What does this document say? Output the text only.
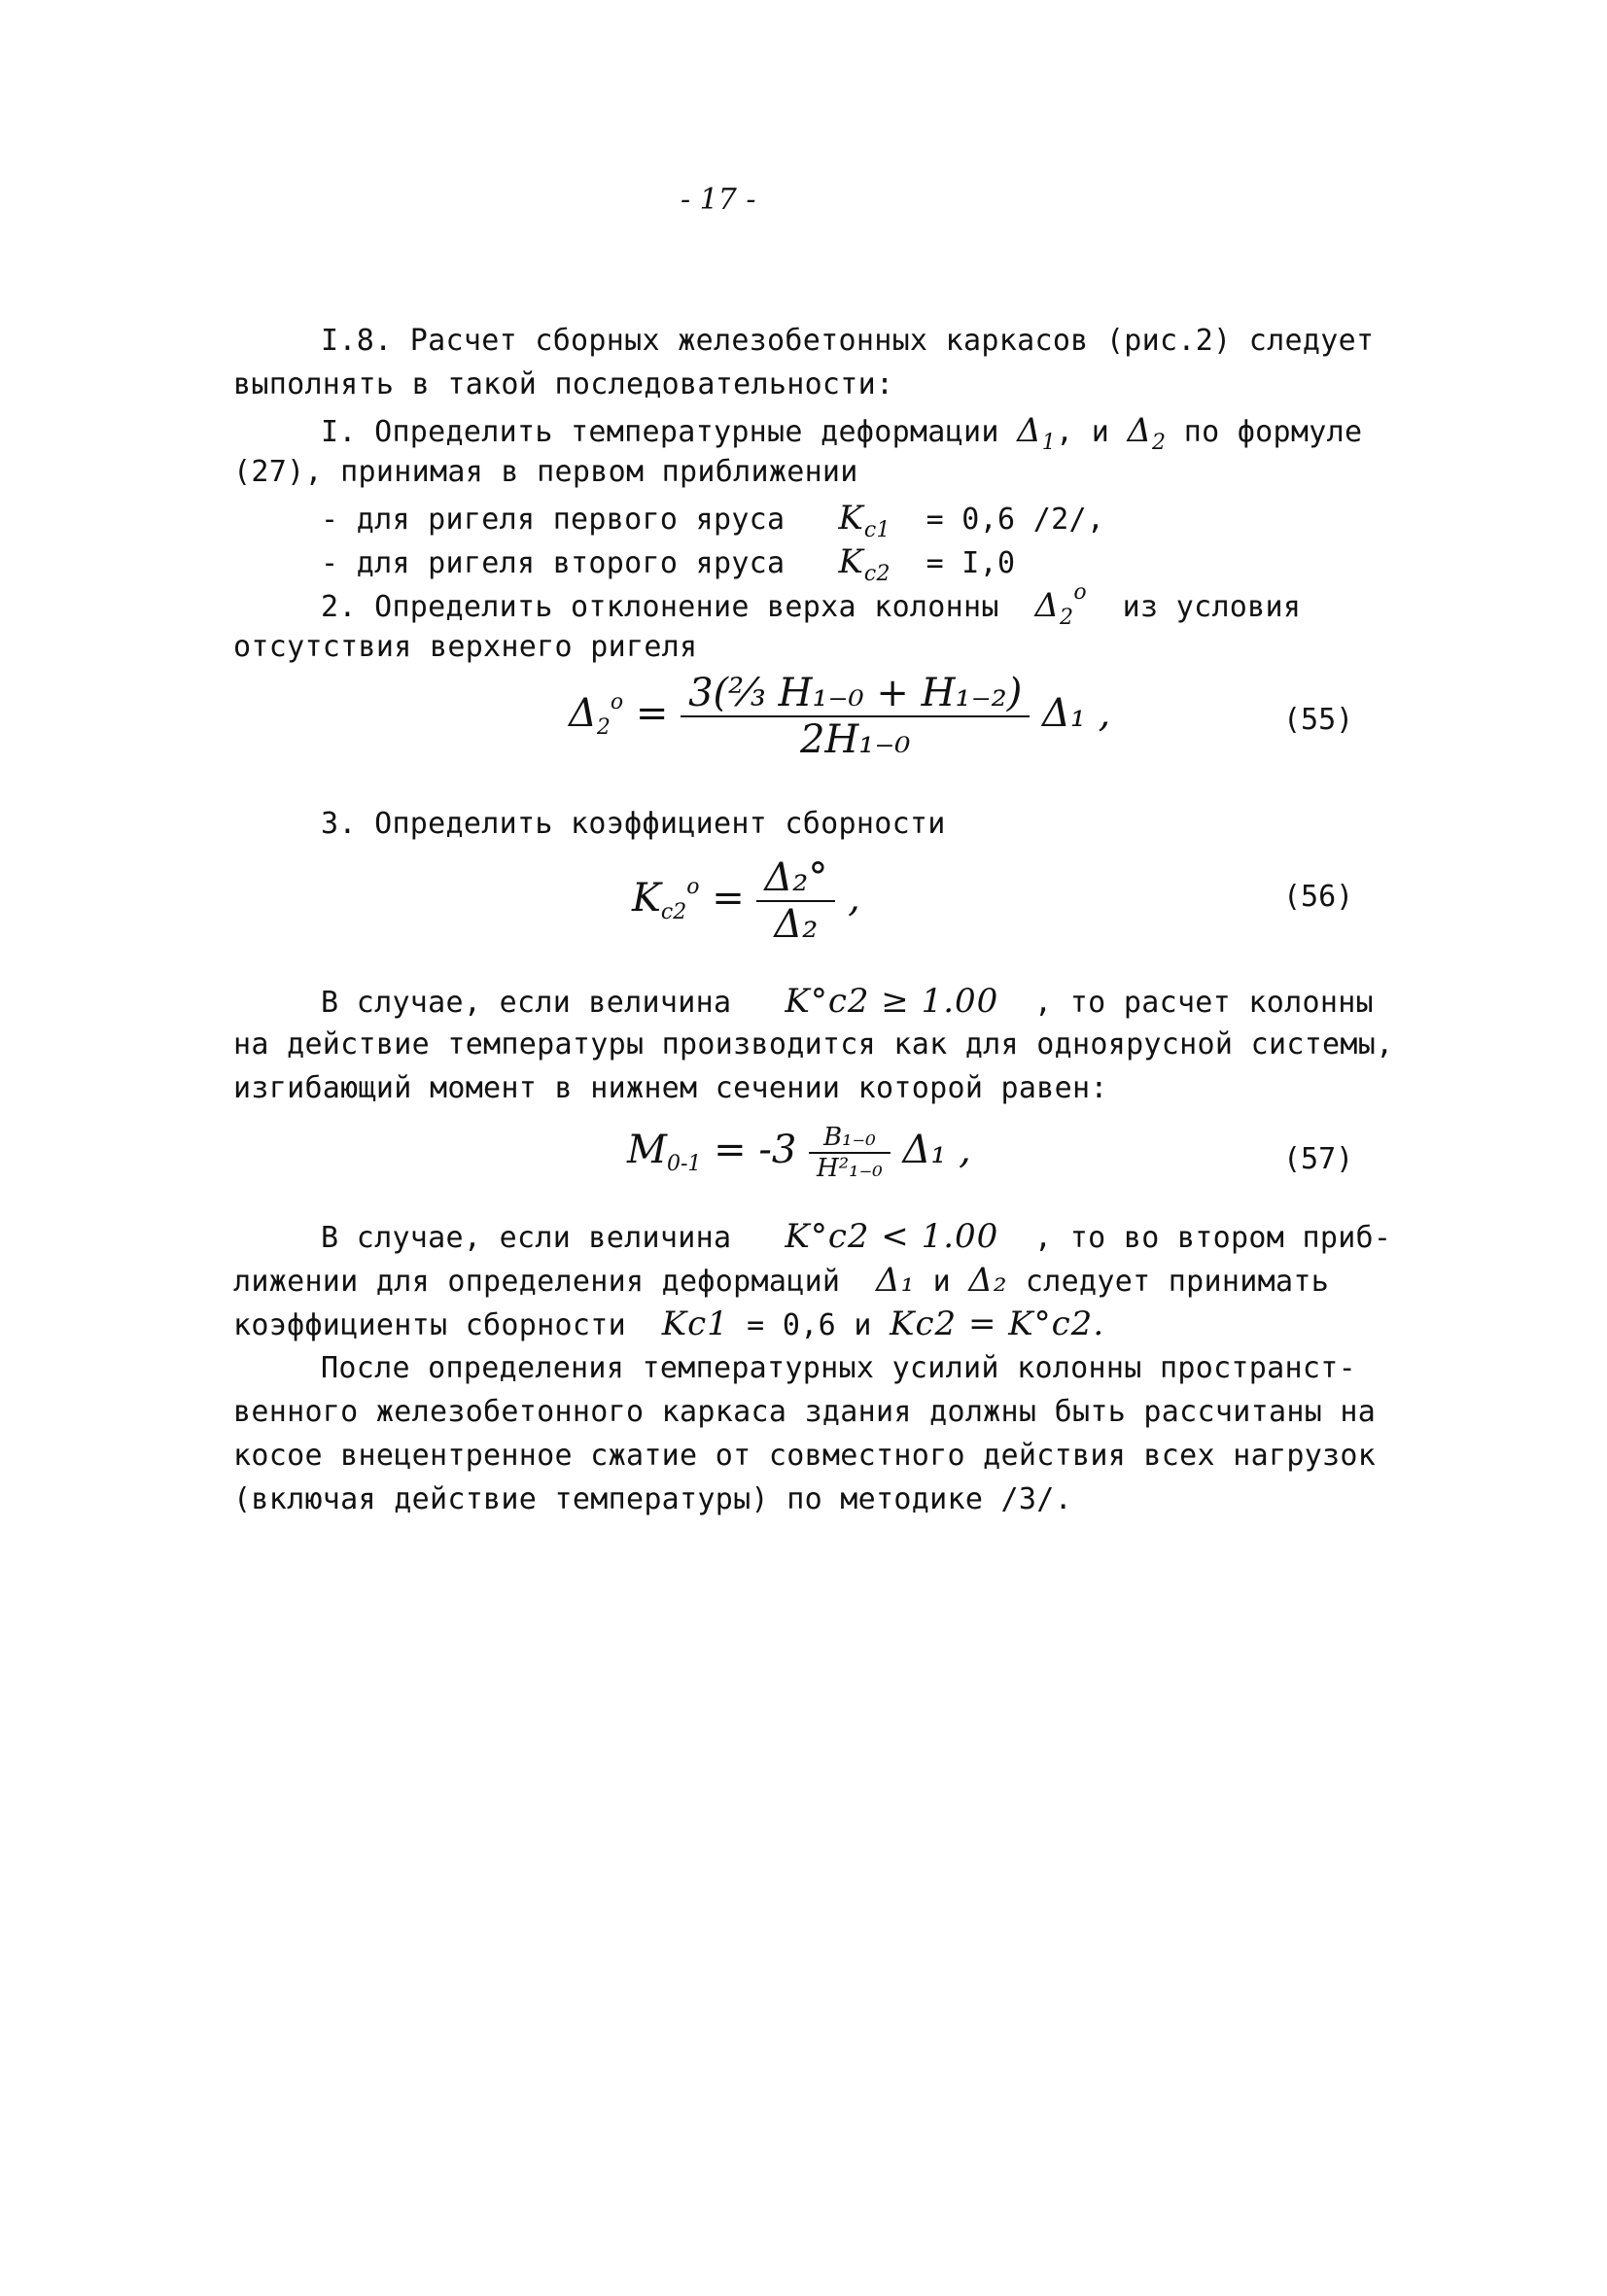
- 17 -
I.8. Расчет сборных железобетонных каркасов (рис.2) следует
выполнять в такой последовательности:
I. Определить температурные деформации $\Delta_1$, и $\Delta_2$ по формуле
(27), принимая в первом приближении
- для ригеля первого яруса $K_{c1} = 0,6$ /2/,
- для ригеля второго яруса $K_{c2} = I,0$
2. Определить отклонение верха колонны $\Delta_2^o$ из условия
отсутствия верхнего ригеля
$\Delta_2^o = \frac{\text{3(⅔ H₁₋₀ + H₁₋₂)}}{\text{2H₁₋₀}} \Delta_1$ ,	(55)
3. Определить коэффициент сборности
$K_{c2}^o = \frac{\text{Δ₂°}}{\text{Δ₂}}$ ,	(56)
В случае, если величина K°c2 ≥ 1.00 , то расчет колонны
на действие температуры производится как для одноярусной системы,
изгибающий момент в нижнем сечении которой равен:
$M_{0-1} = -3 \frac{\text{B₁₋₀}}{\text{H²₁₋₀}} \Delta_1$ ,	(57)
В случае, если величина K°c2 < 1.00 , то во втором приб-
лижении для определения деформаций Δ₁ и Δ₂ следует принимать
коэффициенты сборности Kc1 = 0,6 и Kc2 = K°c2.
После определения температурных усилий колонны пространст-
венного железобетонного каркаса здания должны быть рассчитаны на
косое внецентренное сжатие от совместного действия всех нагрузок
(включая действие температуры) по методике /3/.
